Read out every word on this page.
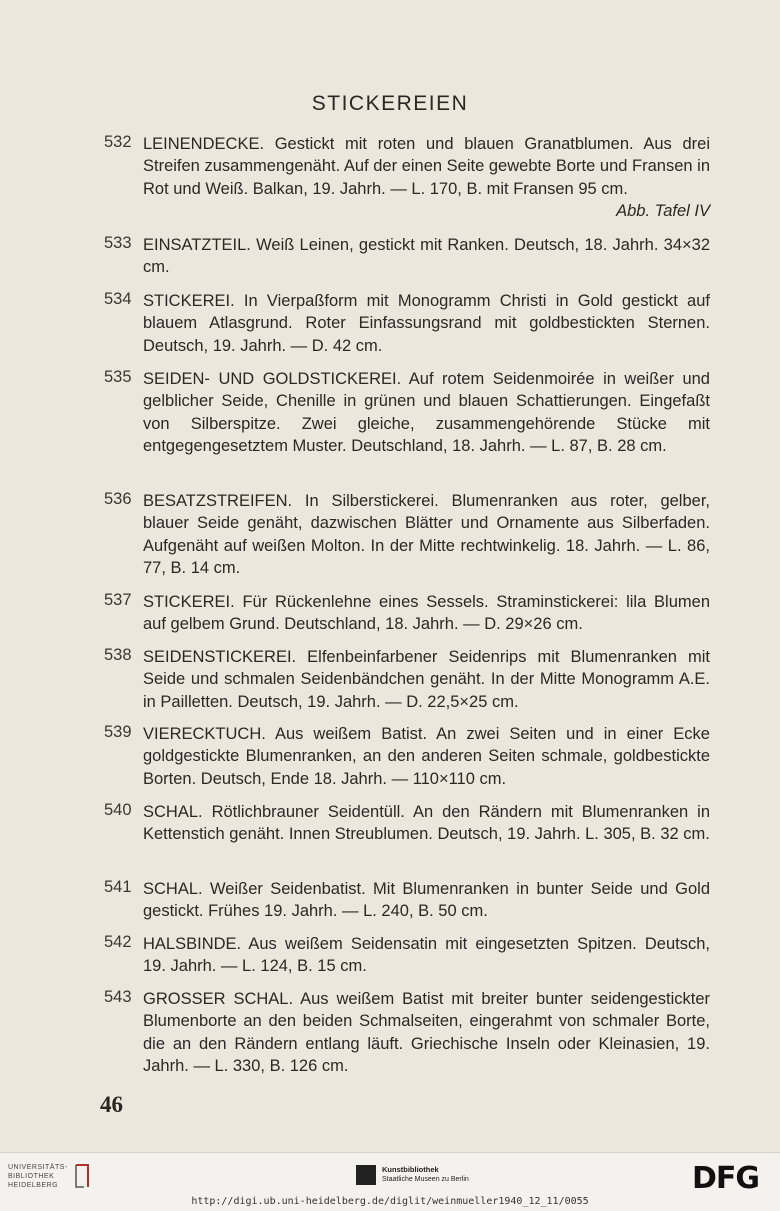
STICKEREIEN
532 LEINENDECKE. Gestickt mit roten und blauen Granatblumen. Aus drei Streifen zusammengenäht. Auf der einen Seite gewebte Borte und Fransen in Rot und Weiß. Balkan, 19. Jahrh. — L. 170, B. mit Fransen 95 cm.
Abb. Tafel IV
533 EINSATZTEIL. Weiß Leinen, gestickt mit Ranken. Deutsch, 18. Jahrh. 34×32 cm.
534 STICKEREI. In Vierpaßform mit Monogramm Christi in Gold gestickt auf blauem Atlasgrund. Roter Einfassungsrand mit goldbestickten Sternen. Deutsch, 19. Jahrh. — D. 42 cm.
535 SEIDEN- UND GOLDSTICKEREI. Auf rotem Seidenmoirée in weißer und gelblicher Seide, Chenille in grünen und blauen Schattierungen. Eingefaßt von Silberspitze. Zwei gleiche, zusammengehörende Stücke mit entgegengesetztem Muster. Deutschland, 18. Jahrh. — L. 87, B. 28 cm.
536 BESATZSTREIFEN. In Silberstickerei. Blumenranken aus roter, gelber, blauer Seide genäht, dazwischen Blätter und Ornamente aus Silberfaden. Aufgenäht auf weißen Molton. In der Mitte rechtwinkelig. 18. Jahrh. — L. 86, 77, B. 14 cm.
537 STICKEREI. Für Rückenlehne eines Sessels. Straminstickerei: lila Blumen auf gelbem Grund. Deutschland, 18. Jahrh. — D. 29×26 cm.
538 SEIDENSTICKEREI. Elfenbeinfarbener Seidenrips mit Blumenranken mit Seide und schmalen Seidenbändchen genäht. In der Mitte Monogramm A.E. in Pailletten. Deutsch, 19. Jahrh. — D. 22,5×25 cm.
539 VIERECKTUCH. Aus weißem Batist. An zwei Seiten und in einer Ecke goldgestickte Blumenranken, an den anderen Seiten schmale, goldbestickte Borten. Deutsch, Ende 18. Jahrh. — 110×110 cm.
540 SCHAL. Rötlichbrauner Seidentüll. An den Rändern mit Blumenranken in Kettenstich genäht. Innen Streublumen. Deutsch, 19. Jahrh. L. 305, B. 32 cm.
541 SCHAL. Weißer Seidenbatist. Mit Blumenranken in bunter Seide und Gold gestickt. Frühes 19. Jahrh. — L. 240, B. 50 cm.
542 HALSBINDE. Aus weißem Seidensatin mit eingesetzten Spitzen. Deutsch, 19. Jahrh. — L. 124, B. 15 cm.
543 GROSSER SCHAL. Aus weißem Batist mit breiter bunter seidengestickter Blumenborte an den beiden Schmalseiten, eingerahmt von schmaler Borte, die an den Rändern entlang läuft. Griechische Inseln oder Kleinasien, 19. Jahrh. — L. 330, B. 126 cm.
46
UNIVERSITÄTS-
BIBLIOTHEK
HEIDELBERG
Kunstbibliothek
Staatliche Museen zu Berlin	DFG
http://digi.ub.uni-heidelberg.de/diglit/weinmueller1940_12_11/0055
